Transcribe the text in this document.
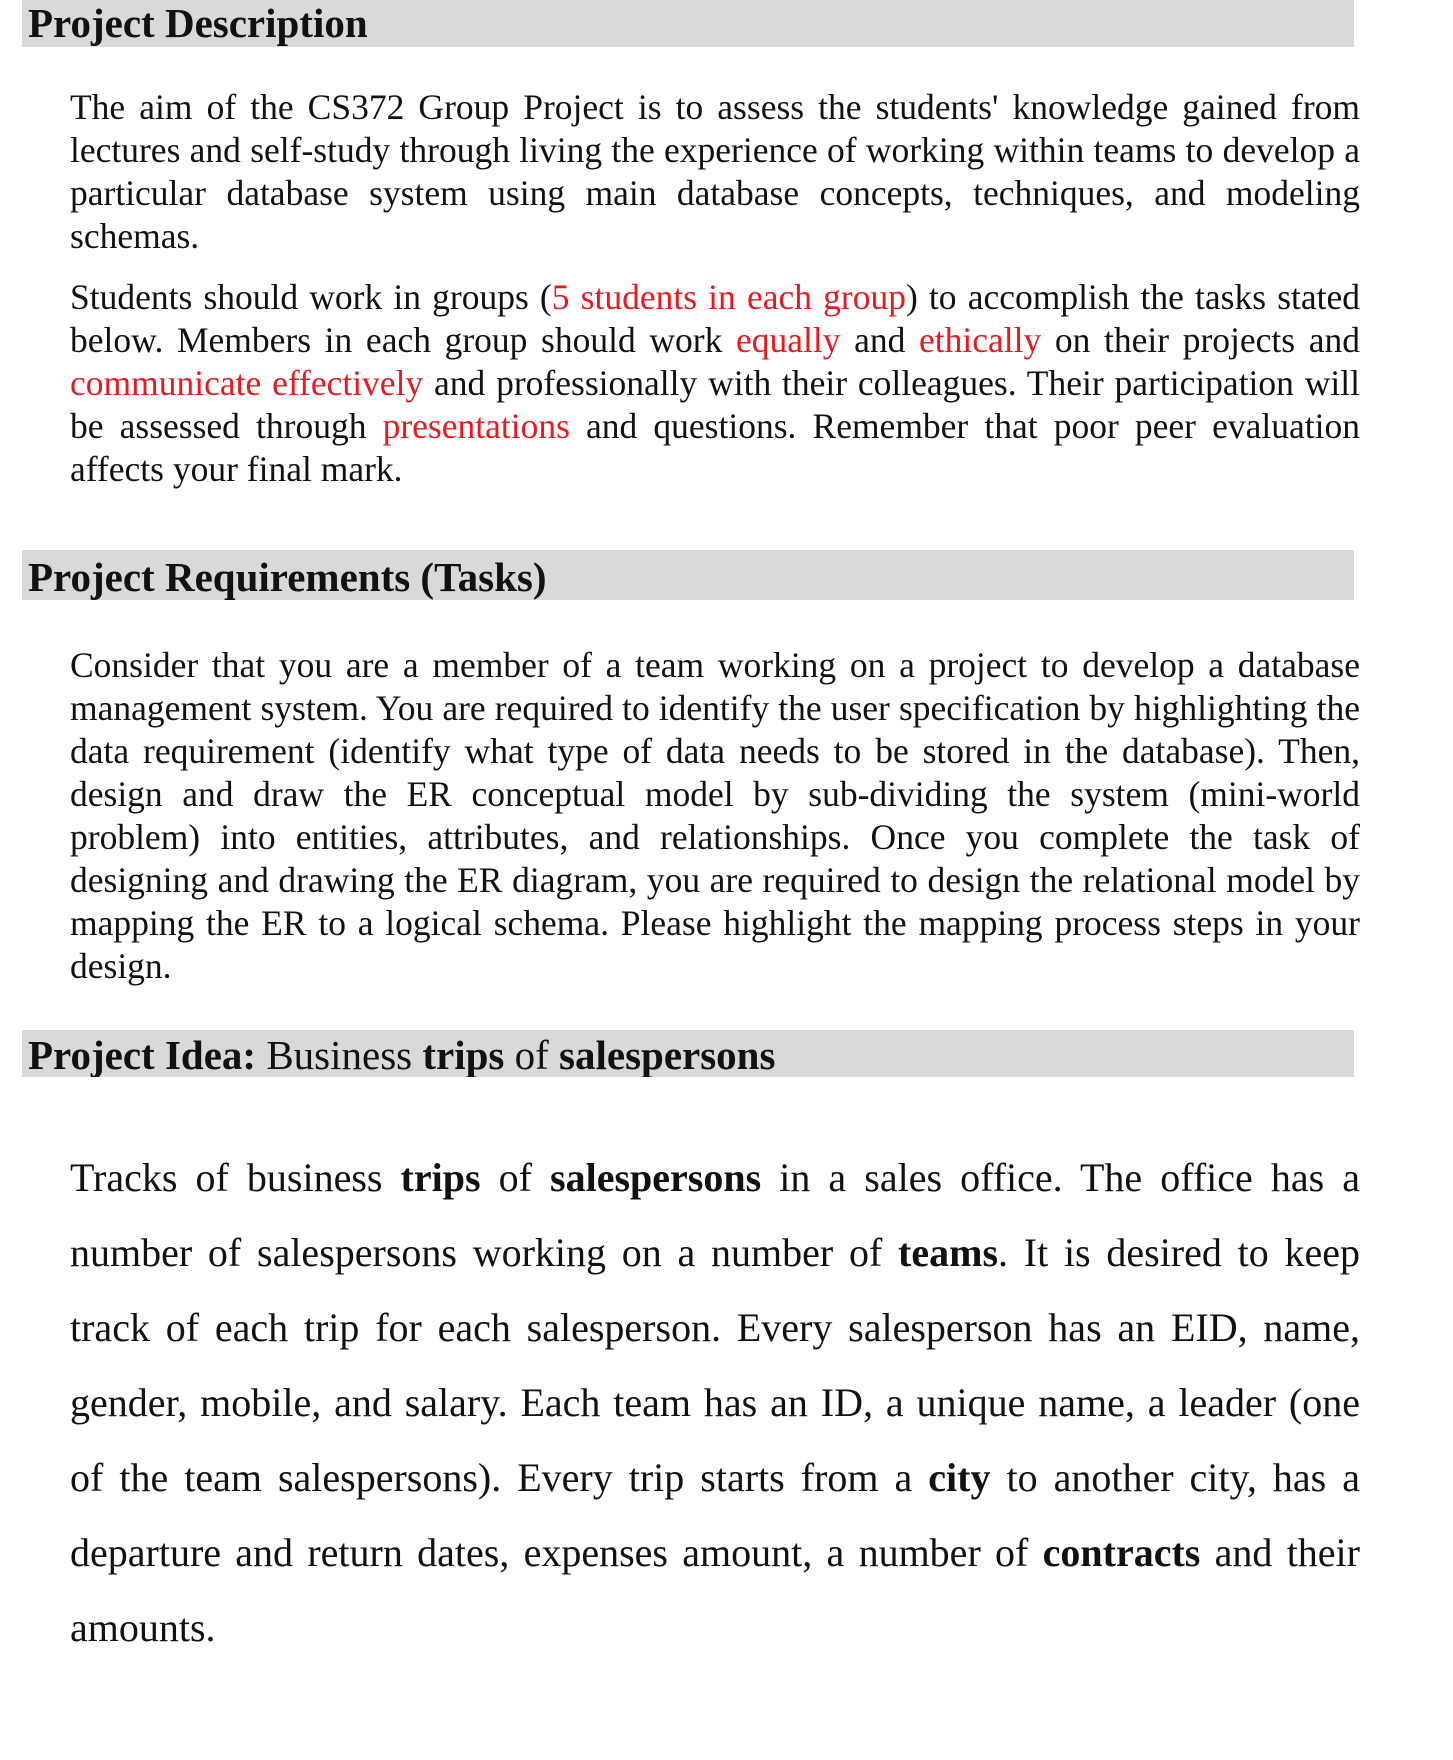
Project Description

The aim of the CS372 Group Project is to assess the students' knowledge gained from lectures and self-study through living the experience of working within teams to develop a particular database system using main database concepts, techniques, and modeling schemas.

Students should work in groups (5 students in each group) to accomplish the tasks stated below. Members in each group should work equally and ethically on their projects and communicate effectively and professionally with their colleagues. Their participation will be assessed through presentations and questions. Remember that poor peer evaluation affects your final mark.

Project Requirements (Tasks)

Consider that you are a member of a team working on a project to develop a database management system. You are required to identify the user specification by highlighting the data requirement (identify what type of data needs to be stored in the database). Then, design and draw the ER conceptual model by sub-dividing the system (mini-world problem) into entities, attributes, and relationships. Once you complete the task of designing and drawing the ER diagram, you are required to design the relational model by mapping the ER to a logical schema. Please highlight the mapping process steps in your design.

Project Idea: Business trips of salespersons

Tracks of business trips of salespersons in a sales office. The office has a number of salespersons working on a number of teams. It is desired to keep track of each trip for each salesperson. Every salesperson has an EID, name, gender, mobile, and salary. Each team has an ID, a unique name, a leader (one of the team salespersons). Every trip starts from a city to another city, has a departure and return dates, expenses amount, a number of contracts and their amounts.
